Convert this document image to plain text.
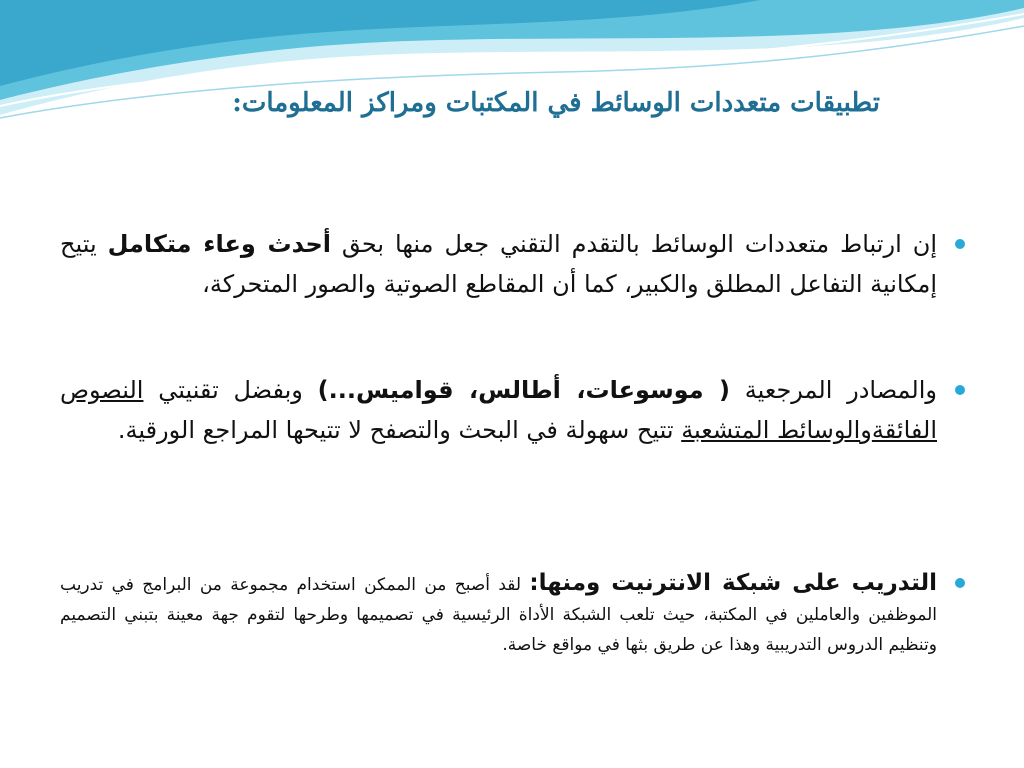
تطبيقات متعددات الوسائط في المكتبات ومراكز المعلومات:
إن ارتباط متعددات الوسائط بالتقدم التقني جعل منها بحق أحدث وعاء متكامل يتيح إمكانية التفاعل المطلق والكبير، كما أن المقاطع الصوتية والصور المتحركة،
والمصادر المرجعية ( موسوعات، أطالس، قواميس...) وبفضل تقنيتي النصوص الفائقةوالوسائط المتشعبة تتيح سهولة في البحث والتصفح لا تتيحها المراجع الورقية.
التدريب على شبكة الانترنيت ومنها: لقد أصبح من الممكن استخدام مجموعة من البرامج في تدريب الموظفين والعاملين في المكتبة، حيث تلعب الشبكة الأداة الرئيسية في تصميمها وطرحها لتقوم جهة معينة بتبني التصميم وتنظيم الدروس التدريبية وهذا عن طريق بثها في مواقع خاصة.
